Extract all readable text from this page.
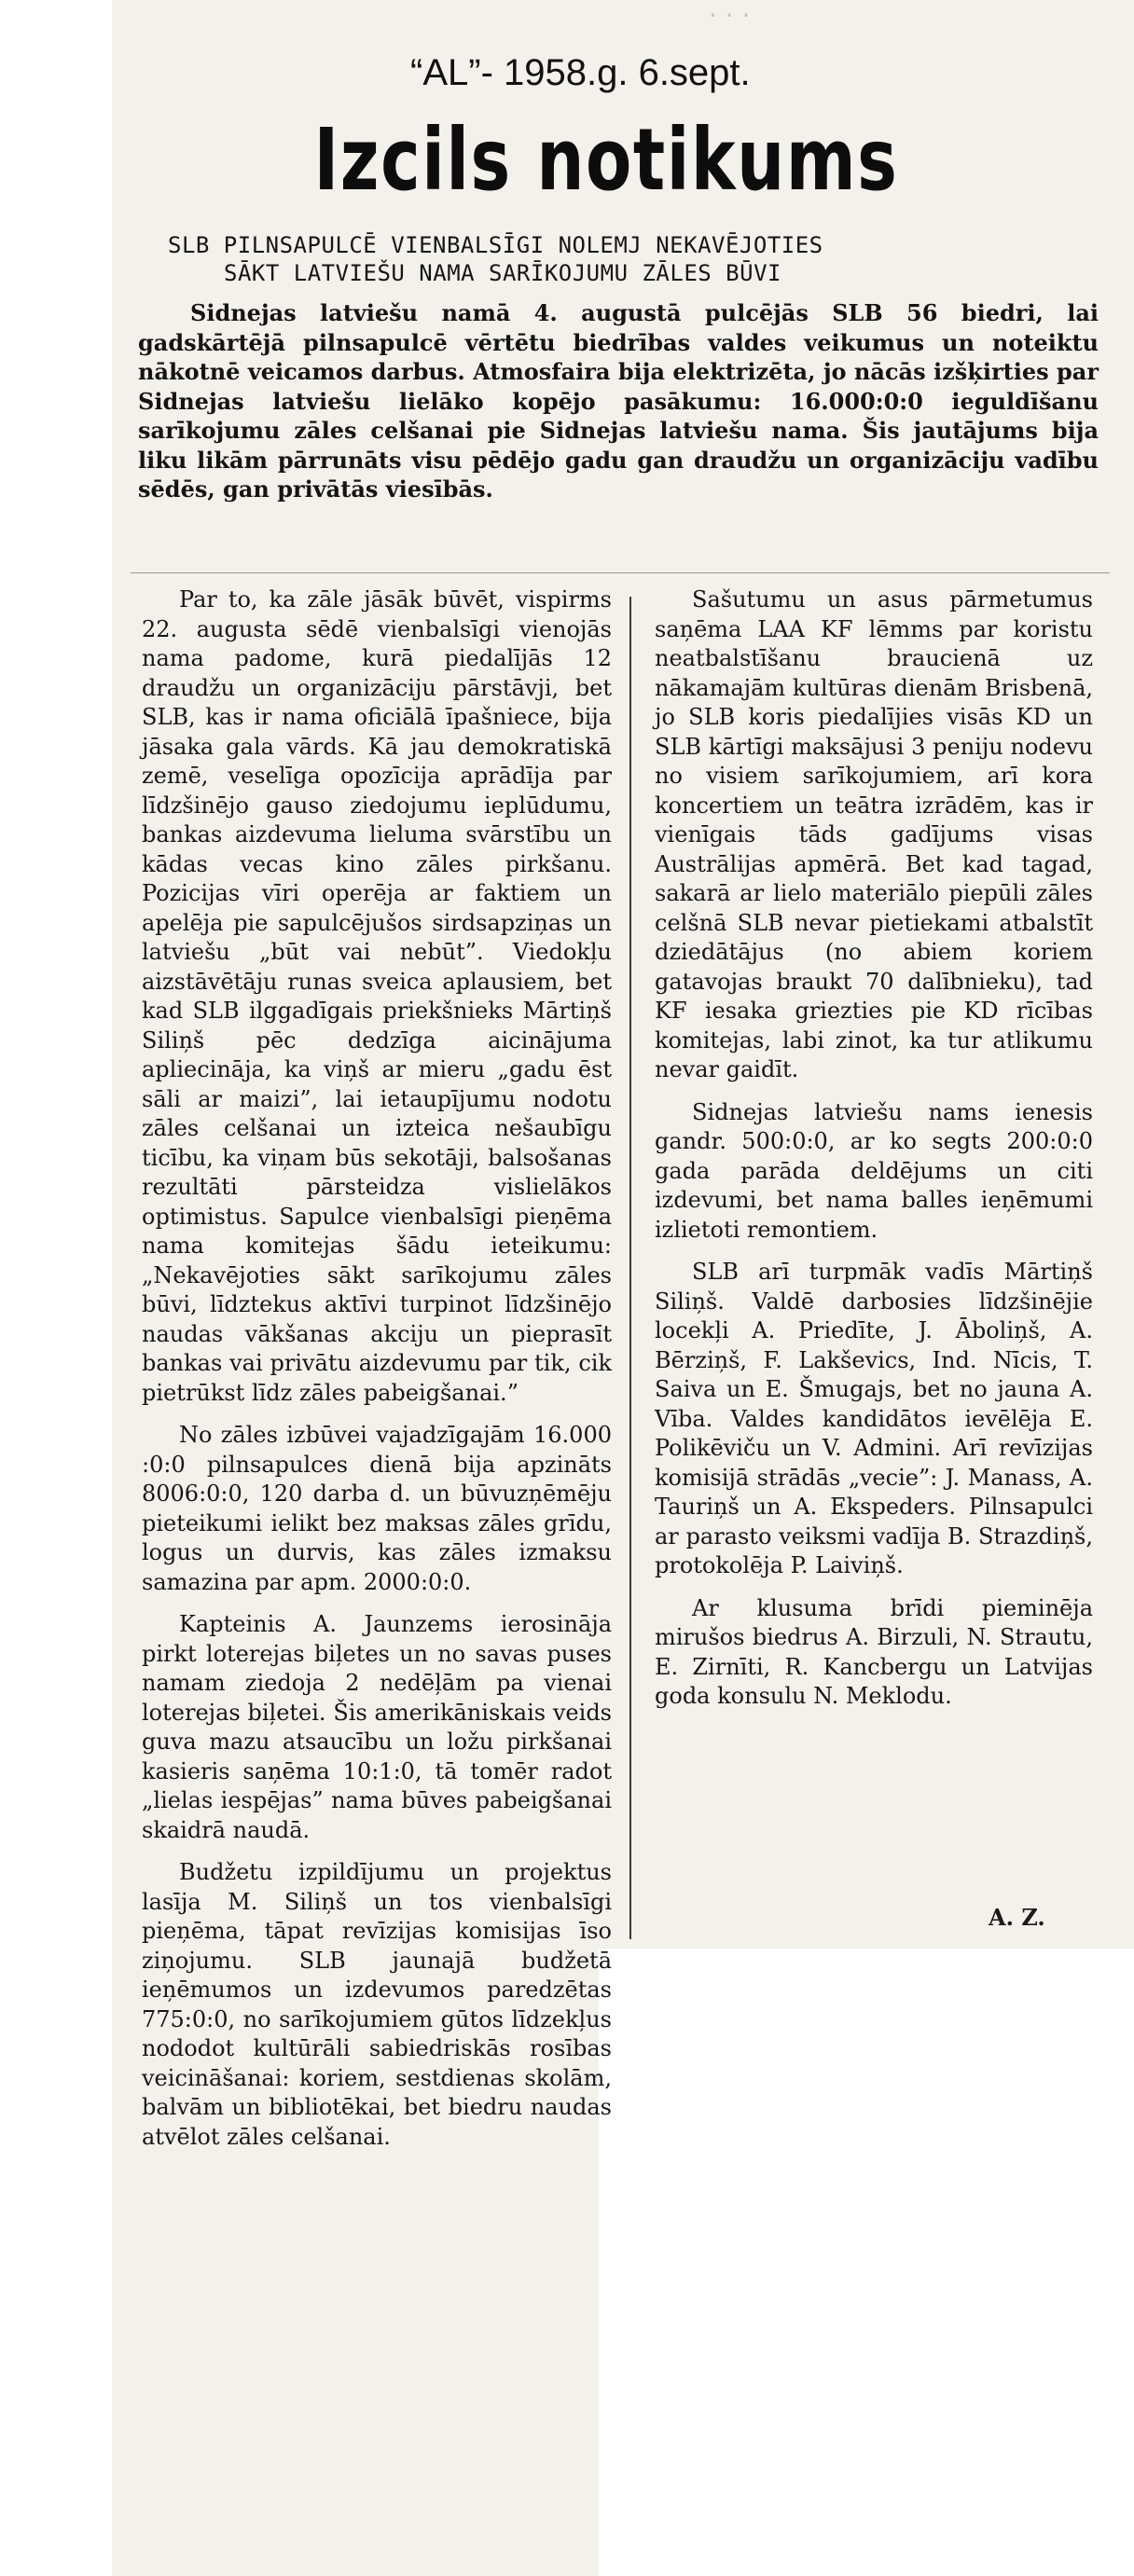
· · ·
“AL”- 1958.g. 6.sept.
Izcils notikums
SLB PILNSAPULCĒ VIENBALSĪGI NOLEMJ NEKAVĒJOTIES
SĀKT LATVIEŠU NAMA SARĪKOJUMU ZĀLES BŪVI
Sidnejas latviešu namā 4. augustā pulcējās SLB 56 biedri, lai gadskārtējā pilnsapulcē vērtētu biedrības valdes veikumus un noteiktu nākotnē veicamos darbus. Atmosfaira bija elektrizēta, jo nācās izšķirties par Sidnejas latviešu lielāko kopējo pasākumu: 16.000:0:0 ieguldīšanu sarīkojumu zāles celšanai pie Sidnejas latviešu nama. Šis jautājums bija liku likām pārrunāts visu pēdējo gadu gan draudžu un organizāciju vadību sēdēs, gan privātās viesībās.

Par to, ka zāle jāsāk būvēt, vispirms 22. augusta sēdē vienbalsīgi vienojās nama padome, kurā piedalījās 12 draudžu un organizāciju pārstāvji, bet SLB, kas ir nama oficiālā īpašniece, bija jāsaka gala vārds. Kā jau demokratiskā zemē, veselīga opozīcija aprādīja par līdzšinējo gauso ziedojumu ieplūdumu, bankas aizdevuma lieluma svārstību un kādas vecas kino zāles pirkšanu. Pozicijas vīri operēja ar faktiem un apelēja pie sapulcējušos sirdsapziņas un latviešu „būt vai nebūt”. Viedokļu aizstāvētāju runas sveica aplausiem, bet kad SLB ilggadīgais priekšnieks Mārtiņš Siliņš pēc dedzīga aicinājuma apliecināja, ka viņš ar mieru „gadu ēst sāli ar maizi”, lai ietaupījumu nodotu zāles celšanai un izteica nešaubīgu ticību, ka viņam būs sekotāji, balsošanas rezultāti pārsteidza vislielākos optimistus. Sapulce vienbalsīgi pieņēma nama komitejas šādu ieteikumu: „Nekavējoties sākt sarīkojumu zāles būvi, līdztekus aktīvi turpinot līdzšinējo naudas vākšanas akciju un pieprasīt bankas vai privātu aizdevumu par tik, cik pietrūkst līdz zāles pabeigšanai.”

No zāles izbūvei vajadzīgajām 16.000 :0:0 pilnsapulces dienā bija apzināts 8006:0:0, 120 darba d. un būvuzņēmēju pieteikumi ielikt bez maksas zāles grīdu, logus un durvis, kas zāles izmaksu samazina par apm. 2000:0:0.

Kapteinis A. Jaunzems ierosināja pirkt loterejas biļetes un no savas puses namam ziedoja 2 nedēļām pa vienai loterejas biļetei. Šis amerikāniskais veids guva mazu atsaucību un ložu pirkšanai kasieris saņēma 10:1:0, tā tomēr radot „lielas iespējas” nama būves pabeigšanai skaidrā naudā.

Budžetu izpildījumu un projektus lasīja M. Siliņš un tos vienbalsīgi pieņēma, tāpat revīzijas komisijas īso ziņojumu. SLB jaunajā budžetā ieņēmumos un izdevumos paredzētas 775:0:0, no sarīkojumiem gūtos līdzekļus nododot kultūrāli sabiedriskās rosības veicināšanai: koriem, sestdienas skolām, balvām un bibliotēkai, bet biedru naudas atvēlot zāles celšanai.

Sašutumu un asus pārmetumus saņēma LAA KF lēmms par koristu neatbalstīšanu braucienā uz nākamajām kultūras dienām Brisbenā, jo SLB koris piedalījies visās KD un SLB kārtīgi maksājusi 3 peniju nodevu no visiem sarīkojumiem, arī kora koncertiem un teātra izrādēm, kas ir vienīgais tāds gadījums visas Austrālijas apmērā. Bet kad tagad, sakarā ar lielo materiālo piepūli zāles celšnā SLB nevar pietiekami atbalstīt dziedātājus (no abiem koriem gatavojas braukt 70 dalībnieku), tad KF iesaka griezties pie KD rīcības komitejas, labi zinot, ka tur atlikumu nevar gaidīt.

Sidnejas latviešu nams ienesis gandr. 500:0:0, ar ko segts 200:0:0 gada parāda deldējums un citi izdevumi, bet nama balles ieņēmumi izlietoti remontiem.

SLB arī turpmāk vadīs Mārtiņš Siliņš. Valdē darbosies līdzšinējie locekļi A. Priedīte, J. Āboliņš, A. Bērziņš, F. Lakševics, Ind. Nīcis, T. Saiva un E. Šmugajs, bet no jauna A. Vība. Valdes kandidātos ievēlēja E. Polikēviču un V. Admini. Arī revīzijas komisijā strādās „vecie”: J. Manass, A. Tauriņš un A. Ekspeders. Pilnsapulci ar parasto veiksmi vadīja B. Strazdiņš, protokolēja P. Laiviņš.

Ar klusuma brīdi pieminēja mirušos biedrus A. Birzuli, N. Strautu, E. Zirnīti, R. Kancbergu un Latvijas goda konsulu N. Meklodu.

A. Z.
